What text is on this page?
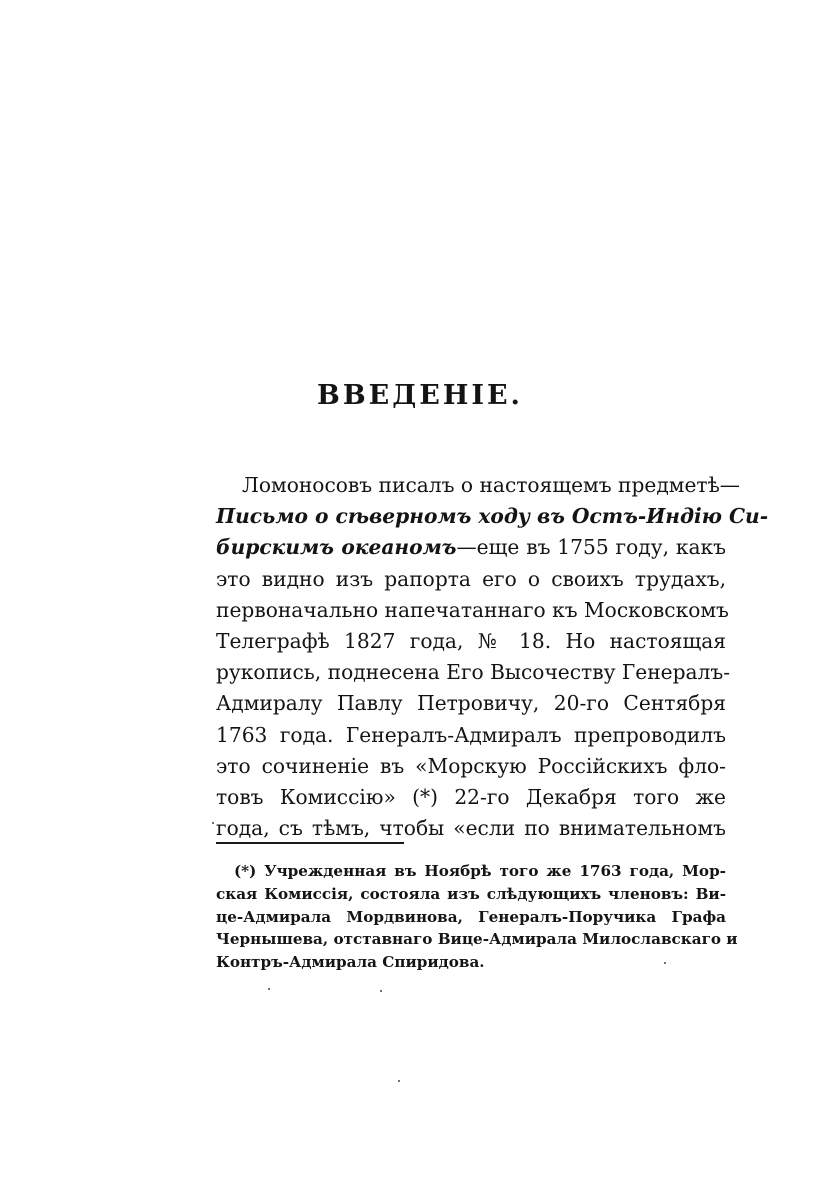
ВВЕДЕНІЕ.
Ломоносовъ писалъ о настоящемъ предметѣ—
Письмо о сѣверномъ ходу въ Остъ-Индію Си-
бирскимъ океаномъ—еще въ 1755 году, какъ
это видно изъ рапорта его о своихъ трудахъ,
первоначально напечатаннаго къ Московскомъ
Телеграфѣ 1827 года, № 18. Но настоящая
рукопись, поднесена Его Высочеству Генералъ-
Адмиралу Павлу Петровичу, 20-го Сентября
1763 года. Генералъ-Адмиралъ препроводилъ
это сочиненіе въ «Морскую Россійскихъ фло-
товъ Комиссію» (*) 22-го Декабря того же
года, съ тѣмъ, чтобы «если по внимательномъ
(*) Учрежденная въ Ноябрѣ того же 1763 года, Мор-
ская Комиссія, состояла изъ слѣдующихъ членовъ: Ви-
це-Адмирала Мордвинова, Генералъ-Поручика Графа
Чернышева, отставнаго Вице-Адмирала Милославскаго и
Контръ-Адмирала Спиридова.
